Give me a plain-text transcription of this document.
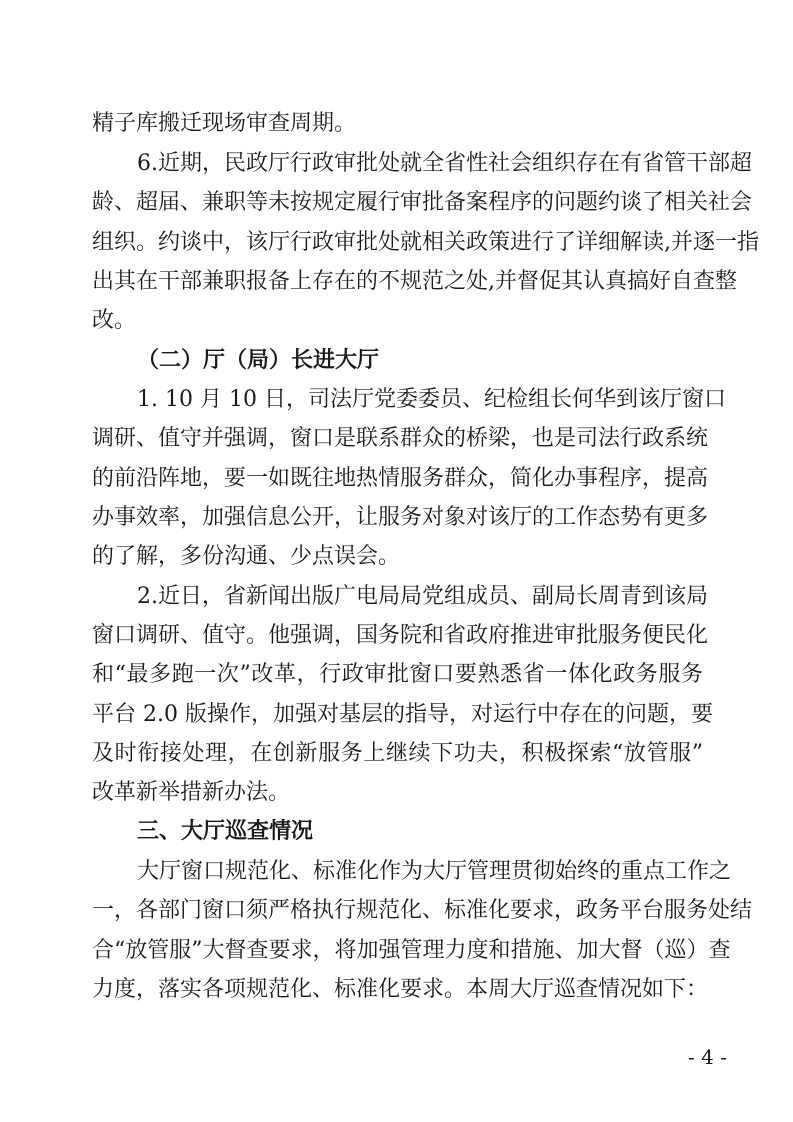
精子库搬迁现场审查周期。
6.近期，民政厅行政审批处就全省性社会组织存在有省管干部超
龄、超届、兼职等未按规定履行审批备案程序的问题约谈了相关社会
组织。约谈中，该厅行政审批处就相关政策进行了详细解读,并逐一指
出其在干部兼职报备上存在的不规范之处,并督促其认真搞好自查整
改。
（二）厅（局）长进大厅
1. 10 月 10 日，司法厅党委委员、纪检组长何华到该厅窗口
调研、值守并强调，窗口是联系群众的桥梁，也是司法行政系统
的前沿阵地，要一如既往地热情服务群众，简化办事程序，提高
办事效率，加强信息公开，让服务对象对该厅的工作态势有更多
的了解，多份沟通、少点误会。
2.近日，省新闻出版广电局局党组成员、副局长周青到该局
窗口调研、值守。他强调，国务院和省政府推进审批服务便民化
和“最多跑一次”改革，行政审批窗口要熟悉省一体化政务服务
平台 2.0 版操作，加强对基层的指导，对运行中存在的问题，要
及时衔接处理，在创新服务上继续下功夫，积极探索“放管服”
改革新举措新办法。
三、大厅巡查情况
大厅窗口规范化、标准化作为大厅管理贯彻始终的重点工作之
一，各部门窗口须严格执行规范化、标准化要求，政务平台服务处结
合“放管服”大督查要求，将加强管理力度和措施、加大督（巡）查
力度，落实各项规范化、标准化要求。本周大厅巡查情况如下：
- 4 -
